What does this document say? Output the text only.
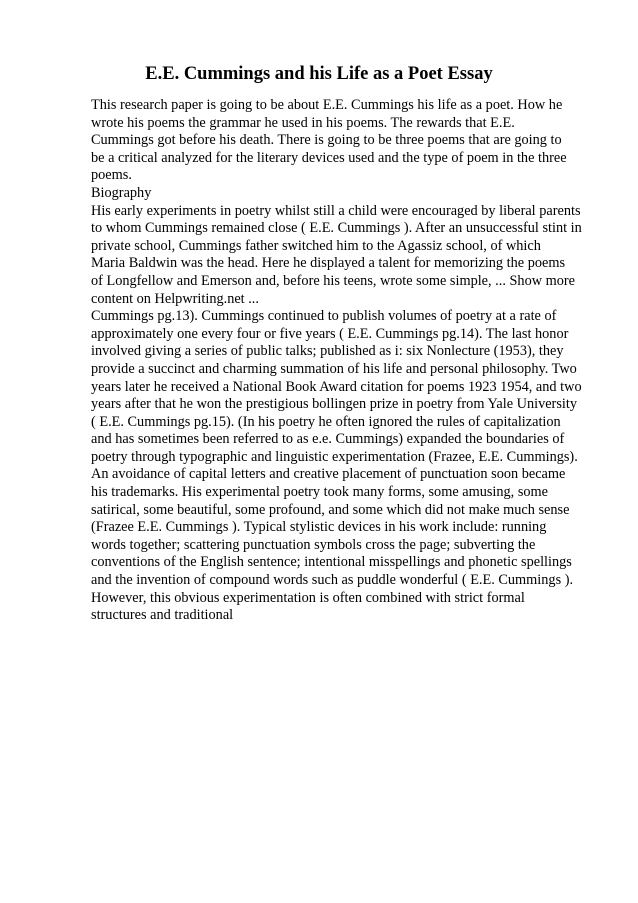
E.E. Cummings and his Life as a Poet Essay
This research paper is going to be about E.E. Cummings his life as a poet. How he
wrote his poems the grammar he used in his poems. The rewards that E.E.
Cummings got before his death. There is going to be three poems that are going to
be a critical analyzed for the literary devices used and the type of poem in the three
poems.
Biography
His early experiments in poetry whilst still a child were encouraged by liberal parents
to whom Cummings remained close ( E.E. Cummings ). After an unsuccessful stint in
private school, Cummings father switched him to the Agassiz school, of which
Maria Baldwin was the head. Here he displayed a talent for memorizing the poems
of Longfellow and Emerson and, before his teens, wrote some simple, ... Show more
content on Helpwriting.net ...
Cummings pg.13). Cummings continued to publish volumes of poetry at a rate of
approximately one every four or five years ( E.E. Cummings pg.14). The last honor
involved giving a series of public talks; published as i: six Nonlecture (1953), they
provide a succinct and charming summation of his life and personal philosophy. Two
years later he received a National Book Award citation for poems 1923 1954, and two
years after that he won the prestigious bollingen prize in poetry from Yale University
( E.E. Cummings pg.15). (In his poetry he often ignored the rules of capitalization
and has sometimes been referred to as e.e. Cummings) expanded the boundaries of
poetry through typographic and linguistic experimentation (Frazee, E.E. Cummings).
An avoidance of capital letters and creative placement of punctuation soon became
his trademarks. His experimental poetry took many forms, some amusing, some
satirical, some beautiful, some profound, and some which did not make much sense
(Frazee E.E. Cummings ). Typical stylistic devices in his work include: running
words together; scattering punctuation symbols cross the page; subverting the
conventions of the English sentence; intentional misspellings and phonetic spellings
and the invention of compound words such as puddle wonderful ( E.E. Cummings ).
However, this obvious experimentation is often combined with strict formal
structures and traditional
